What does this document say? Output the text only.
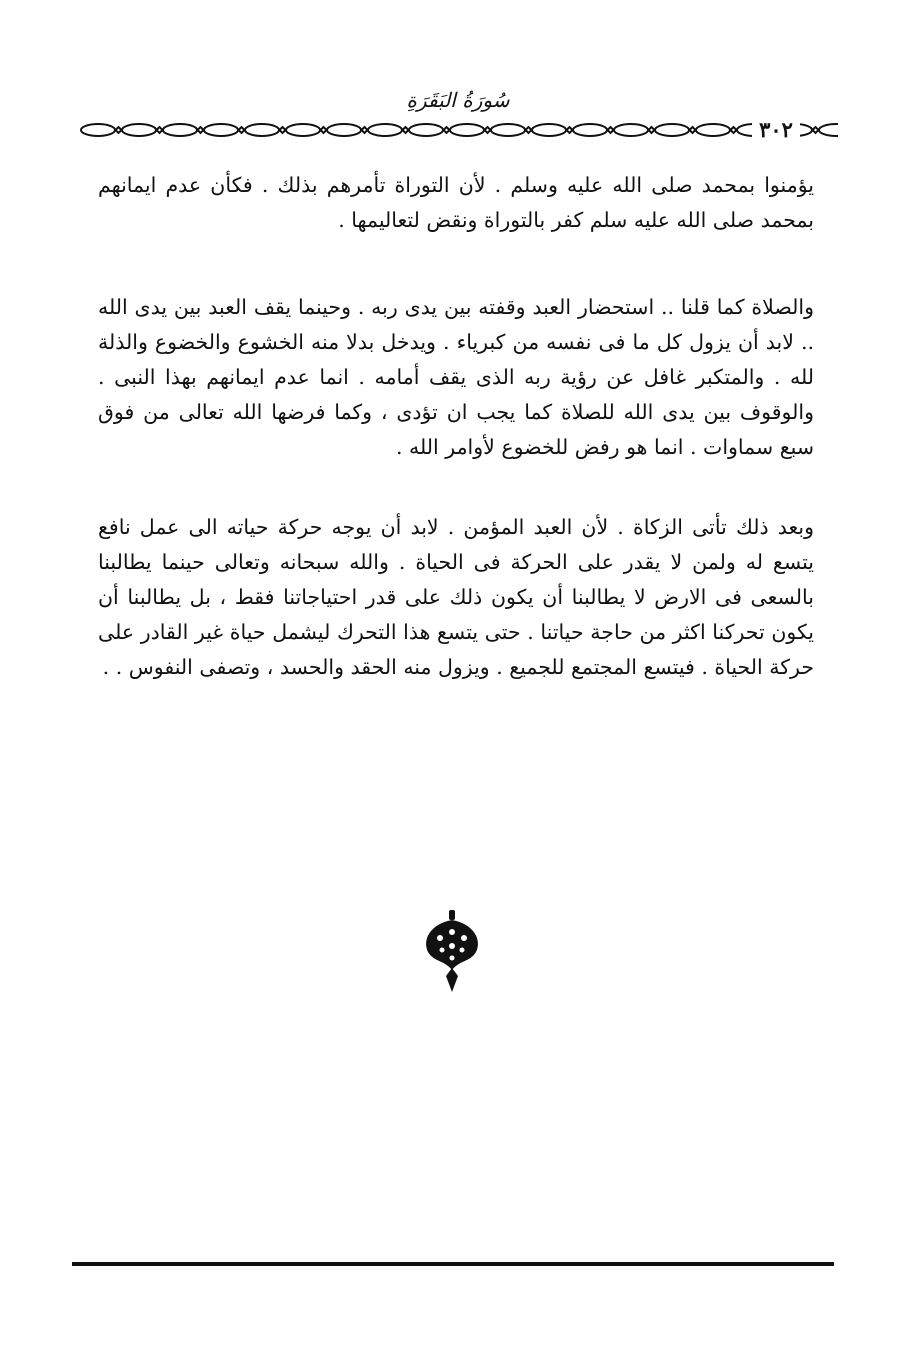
سُورَةُ البَقَرَةِ
٣٠٢

يؤمنوا بمحمد صلى الله عليه وسلم . لأن التوراة تأمرهم بذلك . فكأن عدم ايمانهم بمحمد صلى الله عليه سلم كفر بالتوراة ونقض لتعاليمها .

والصلاة كما قلنا .. استحضار العبد وقفته بين يدى ربه . وحينما يقف العبد بين يدى الله .. لابد أن يزول كل ما فى نفسه من كبرياء . ويدخل بدلا منه الخشوع والخضوع والذلة لله . والمتكبر غافل عن رؤية ربه الذى يقف أمامه . انما عدم ايمانهم بهذا النبى . والوقوف بين يدى الله للصلاة كما يجب ان تؤدى ، وكما فرضها الله تعالى من فوق سبع سماوات . انما هو رفض للخضوع لأوامر الله .

وبعد ذلك تأتى الزكاة . لأن العبد المؤمن . لابد أن يوجه حركة حياته الى عمل نافع يتسع له ولمن لا يقدر على الحركة فى الحياة . والله سبحانه وتعالى حينما يطالبنا بالسعى فى الارض لا يطالبنا أن يكون ذلك على قدر احتياجاتنا فقط ، بل يطالبنا أن يكون تحركنا اكثر من حاجة حياتنا . حتى يتسع هذا التحرك ليشمل حياة غير القادر على حركة الحياة . فيتسع المجتمع للجميع . ويزول منه الحقد والحسد ، وتصفى النفوس . .
